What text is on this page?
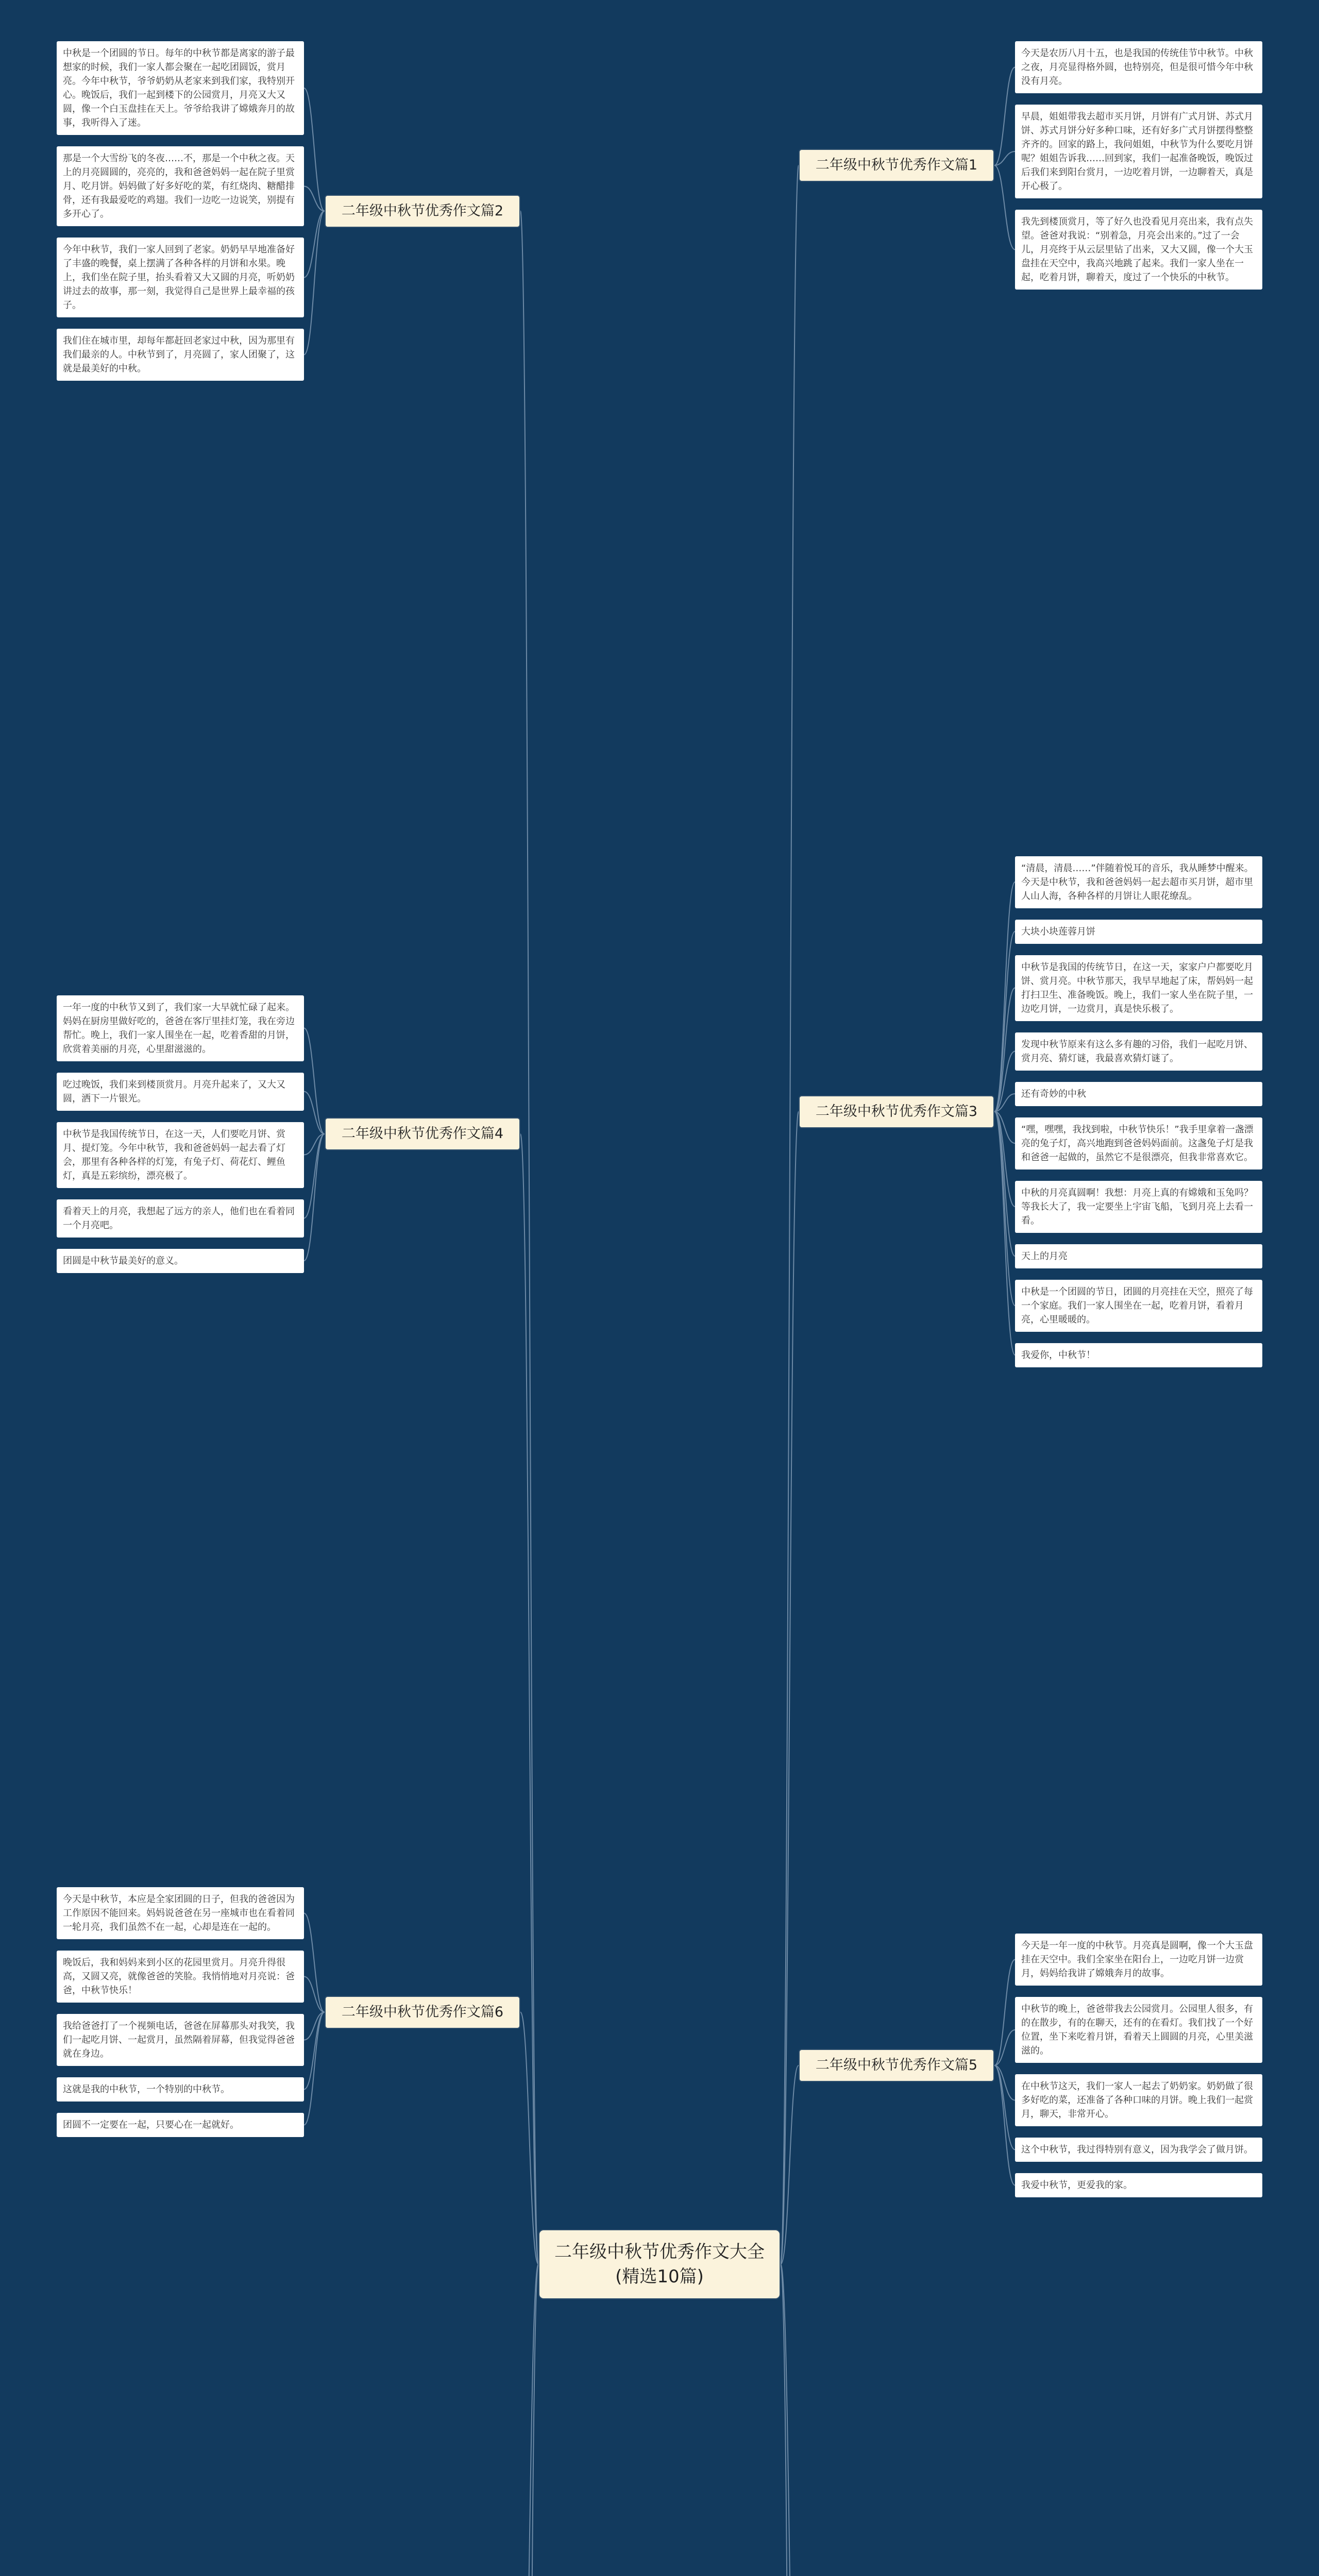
二年级中秋节优秀作文大全(精选10篇)
今天是农历八月十五，也是我国的传统佳节中秋节。中秋之夜，月亮显得格外圆，也特别亮，但是很可惜今年中秋没有月亮。
早晨，姐姐带我去超市买月饼，月饼有广式月饼、苏式月饼、苏式月饼分好多种口味，还有好多广式月饼摆得整整齐齐的。回家的路上，我问姐姐，中秋节为什么要吃月饼呢？姐姐告诉我……回到家，我们一起准备晚饭，晚饭过后我们来到阳台赏月，一边吃着月饼，一边聊着天，真是开心极了。
我先到楼顶赏月，等了好久也没看见月亮出来，我有点失望。爸爸对我说：“别着急，月亮会出来的。”过了一会儿，月亮终于从云层里钻了出来，又大又圆，像一个大玉盘挂在天空中，我高兴地跳了起来。我们一家人坐在一起，吃着月饼，聊着天，度过了一个快乐的中秋节。
二年级中秋节优秀作文篇1
中秋是一个团圆的节日。每年的中秋节都是离家的游子最想家的时候，我们一家人都会聚在一起吃团圆饭，赏月亮。今年中秋节，爷爷奶奶从老家来到我们家，我特别开心。晚饭后，我们一起到楼下的公园赏月，月亮又大又圆，像一个白玉盘挂在天上。爷爷给我讲了嫦娥奔月的故事，我听得入了迷。
那是一个大雪纷飞的冬夜……不，那是一个中秋之夜。天上的月亮圆圆的，亮亮的，我和爸爸妈妈一起在院子里赏月、吃月饼。妈妈做了好多好吃的菜，有红烧肉、糖醋排骨，还有我最爱吃的鸡翅。我们一边吃一边说笑，别提有多开心了。
今年中秋节，我们一家人回到了老家。奶奶早早地准备好了丰盛的晚餐，桌上摆满了各种各样的月饼和水果。晚上，我们坐在院子里，抬头看着又大又圆的月亮，听奶奶讲过去的故事，那一刻，我觉得自己是世界上最幸福的孩子。
我们住在城市里，却每年都赶回老家过中秋，因为那里有我们最亲的人。中秋节到了，月亮圆了，家人团聚了，这就是最美好的中秋。
二年级中秋节优秀作文篇2
“清晨，清晨……”伴随着悦耳的音乐，我从睡梦中醒来。今天是中秋节，我和爸爸妈妈一起去超市买月饼，超市里人山人海，各种各样的月饼让人眼花缭乱。
大块小块莲蓉月饼
中秋节是我国的传统节日，在这一天，家家户户都要吃月饼、赏月亮。中秋节那天，我早早地起了床，帮妈妈一起打扫卫生、准备晚饭。晚上，我们一家人坐在院子里，一边吃月饼，一边赏月，真是快乐极了。
发现中秋节原来有这么多有趣的习俗，我们一起吃月饼、赏月亮、猜灯谜，我最喜欢猜灯谜了。
还有奇妙的中秋
“嘿，嘿嘿，我找到啦，中秋节快乐！”我手里拿着一盏漂亮的兔子灯，高兴地跑到爸爸妈妈面前。这盏兔子灯是我和爸爸一起做的，虽然它不是很漂亮，但我非常喜欢它。
中秋的月亮真圆啊！我想：月亮上真的有嫦娥和玉兔吗？等我长大了，我一定要坐上宇宙飞船，飞到月亮上去看一看。
天上的月亮
中秋是一个团圆的节日，团圆的月亮挂在天空，照亮了每一个家庭。我们一家人围坐在一起，吃着月饼，看着月亮，心里暖暖的。
我爱你，中秋节！
二年级中秋节优秀作文篇3
一年一度的中秋节又到了，我们家一大早就忙碌了起来。妈妈在厨房里做好吃的，爸爸在客厅里挂灯笼，我在旁边帮忙。晚上，我们一家人围坐在一起，吃着香甜的月饼，欣赏着美丽的月亮，心里甜滋滋的。
吃过晚饭，我们来到楼顶赏月。月亮升起来了，又大又圆，洒下一片银光。
中秋节是我国传统节日，在这一天，人们要吃月饼、赏月、提灯笼。今年中秋节，我和爸爸妈妈一起去看了灯会，那里有各种各样的灯笼，有兔子灯、荷花灯、鲤鱼灯，真是五彩缤纷，漂亮极了。
看着天上的月亮，我想起了远方的亲人，他们也在看着同一个月亮吧。
团圆是中秋节最美好的意义。
二年级中秋节优秀作文篇4
今天是一年一度的中秋节。月亮真是圆啊，像一个大玉盘挂在天空中。我们全家坐在阳台上，一边吃月饼一边赏月，妈妈给我讲了嫦娥奔月的故事。
中秋节的晚上，爸爸带我去公园赏月。公园里人很多，有的在散步，有的在聊天，还有的在看灯。我们找了一个好位置，坐下来吃着月饼，看着天上圆圆的月亮，心里美滋滋的。
在中秋节这天，我们一家人一起去了奶奶家。奶奶做了很多好吃的菜，还准备了各种口味的月饼。晚上我们一起赏月，聊天，非常开心。
这个中秋节，我过得特别有意义，因为我学会了做月饼。
我爱中秋节，更爱我的家。
二年级中秋节优秀作文篇5
今天是中秋节，本应是全家团圆的日子，但我的爸爸因为工作原因不能回来。妈妈说爸爸在另一座城市也在看着同一轮月亮，我们虽然不在一起，心却是连在一起的。
晚饭后，我和妈妈来到小区的花园里赏月。月亮升得很高，又圆又亮，就像爸爸的笑脸。我悄悄地对月亮说：爸爸，中秋节快乐！
我给爸爸打了一个视频电话，爸爸在屏幕那头对我笑，我们一起吃月饼、一起赏月，虽然隔着屏幕，但我觉得爸爸就在身边。
这就是我的中秋节，一个特别的中秋节。
团圆不一定要在一起，只要心在一起就好。
二年级中秋节优秀作文篇6
